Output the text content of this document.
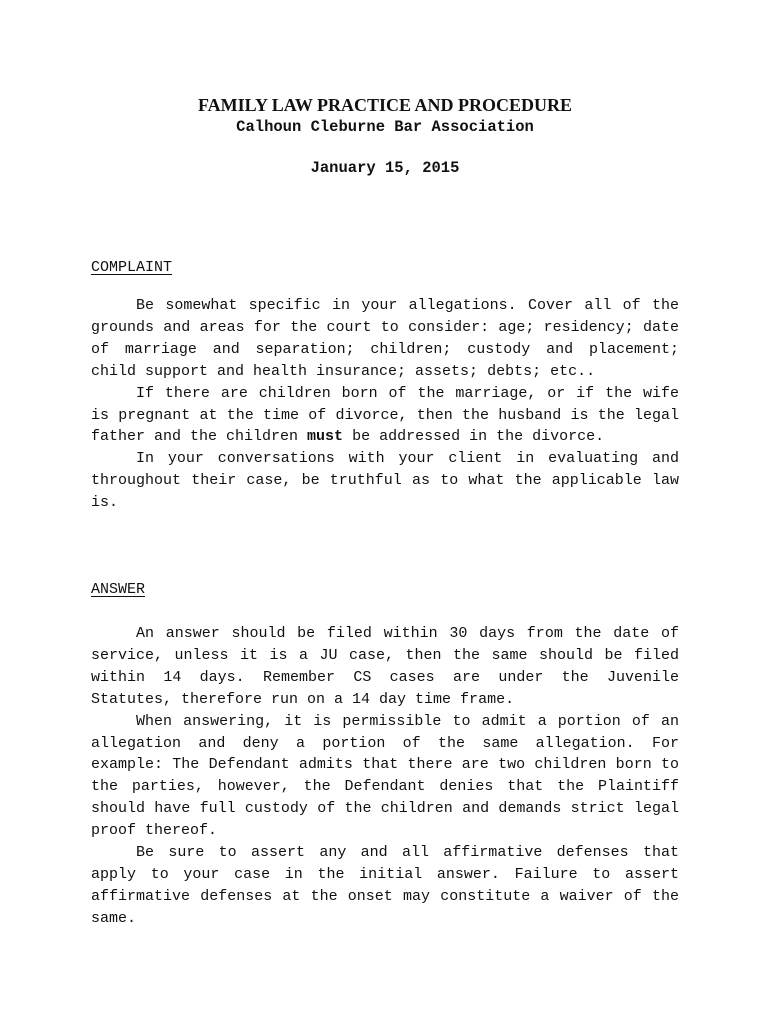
FAMILY LAW PRACTICE AND PROCEDURE
Calhoun Cleburne Bar Association
January 15, 2015
COMPLAINT

Be somewhat specific in your allegations. Cover all of the grounds and areas for the court to consider: age; residency; date of marriage and separation; children; custody and placement; child support and health insurance; assets; debts; etc..

If there are children born of the marriage, or if the wife is pregnant at the time of divorce, then the husband is the legal father and the children must be addressed in the divorce.

In your conversations with your client in evaluating and throughout their case, be truthful as to what the applicable law is.

ANSWER

An answer should be filed within 30 days from the date of service, unless it is a JU case, then the same should be filed within 14 days. Remember CS cases are under the Juvenile Statutes, therefore run on a 14 day time frame.

When answering, it is permissible to admit a portion of an allegation and deny a portion of the same allegation. For example: The Defendant admits that there are two children born to the parties, however, the Defendant denies that the Plaintiff should have full custody of the children and demands strict legal proof thereof.

Be sure to assert any and all affirmative defenses that apply to your case in the initial answer. Failure to assert affirmative defenses at the onset may constitute a waiver of the same.
